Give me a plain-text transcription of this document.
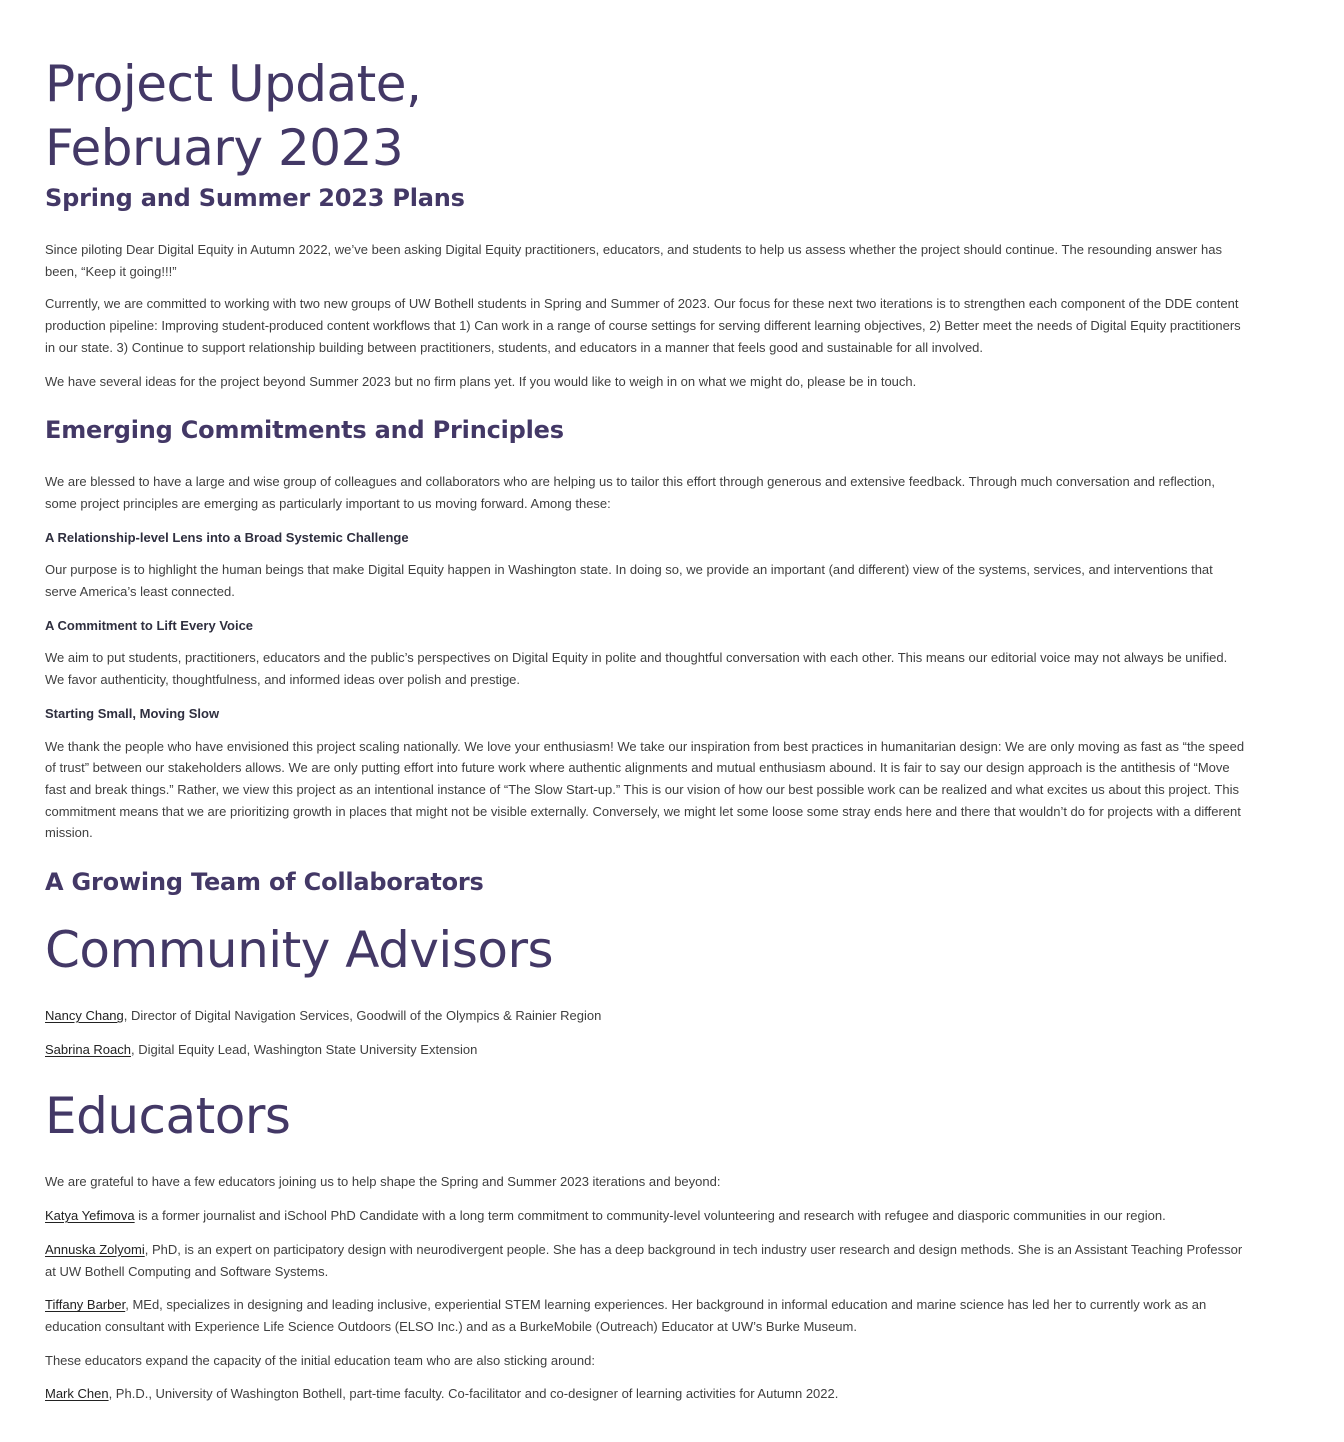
Project Update, February 2023
Spring and Summer 2023 Plans

Since piloting Dear Digital Equity in Autumn 2022, we’ve been asking Digital Equity practitioners, educators, and students to help us assess whether the project should continue. The resounding answer has been, “Keep it going!!!”

Currently, we are committed to working with two new groups of UW Bothell students in Spring and Summer of 2023. Our focus for these next two iterations is to strengthen each component of the DDE content production pipeline: Improving student-produced content workflows that 1) Can work in a range of course settings for serving different learning objectives, 2) Better meet the needs of Digital Equity practitioners in our state. 3) Continue to support relationship building between practitioners, students, and educators in a manner that feels good and sustainable for all involved.

We have several ideas for the project beyond Summer 2023 but no firm plans yet. If you would like to weigh in on what we might do, please be in touch.

Emerging Commitments and Principles

We are blessed to have a large and wise group of colleagues and collaborators who are helping us to tailor this effort through generous and extensive feedback. Through much conversation and reflection, some project principles are emerging as particularly important to us moving forward. Among these:

A Relationship-level Lens into a Broad Systemic Challenge

Our purpose is to highlight the human beings that make Digital Equity happen in Washington state. In doing so, we provide an important (and different) view of the systems, services, and interventions that serve America’s least connected.

A Commitment to Lift Every Voice

We aim to put students, practitioners, educators and the public’s perspectives on Digital Equity in polite and thoughtful conversation with each other. This means our editorial voice may not always be unified. We favor authenticity, thoughtfulness, and informed ideas over polish and prestige.

Starting Small, Moving Slow

We thank the people who have envisioned this project scaling nationally. We love your enthusiasm! We take our inspiration from best practices in humanitarian design: We are only moving as fast as “the speed of trust” between our stakeholders allows. We are only putting effort into future work where authentic alignments and mutual enthusiasm abound. It is fair to say our design approach is the antithesis of “Move fast and break things.” Rather, we view this project as an intentional instance of “The Slow Start-up.” This is our vision of how our best possible work can be realized and what excites us about this project. This commitment means that we are prioritizing growth in places that might not be visible externally. Conversely, we might let some loose some stray ends here and there that wouldn’t do for projects with a different mission.

A Growing Team of Collaborators
Community Advisors

Nancy Chang, Director of Digital Navigation Services, Goodwill of the Olympics & Rainier Region

Sabrina Roach, Digital Equity Lead, Washington State University Extension

Educators

We are grateful to have a few educators joining us to help shape the Spring and Summer 2023 iterations and beyond:

Katya Yefimova is a former journalist and iSchool PhD Candidate with a long term commitment to community-level volunteering and research with refugee and diasporic communities in our region.

Annuska Zolyomi, PhD, is an expert on participatory design with neurodivergent people. She has a deep background in tech industry user research and design methods. She is an Assistant Teaching Professor at UW Bothell Computing and Software Systems.

Tiffany Barber, MEd, specializes in designing and leading inclusive, experiential STEM learning experiences. Her background in informal education and marine science has led her to currently work as an education consultant with Experience Life Science Outdoors (ELSO Inc.) and as a BurkeMobile (Outreach) Educator at UW’s Burke Museum.

These educators expand the capacity of the initial education team who are also sticking around:

Mark Chen, Ph.D., University of Washington Bothell, part-time faculty. Co-facilitator and co-designer of learning activities for Autumn 2022.
